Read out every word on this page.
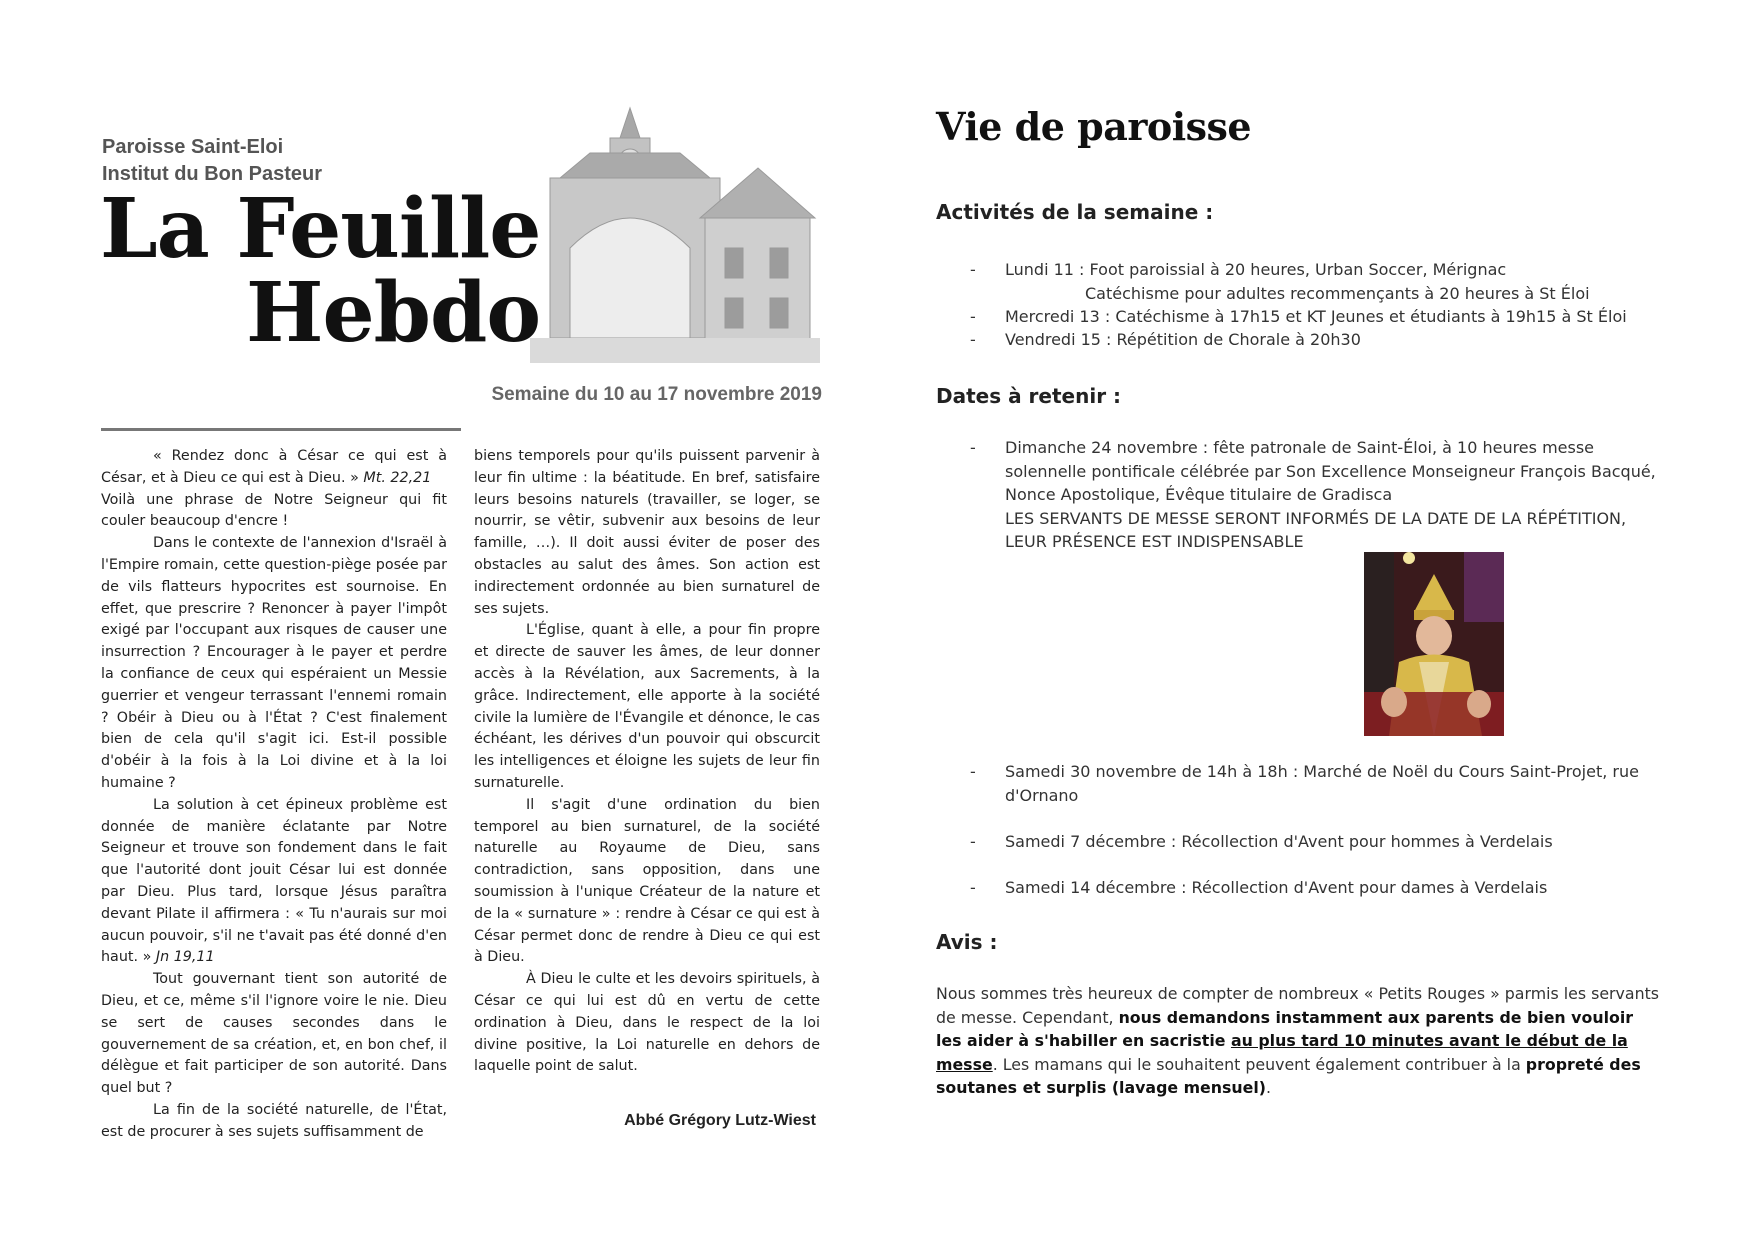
Paroisse Saint-Eloi
Institut du Bon Pasteur
La Feuille
Hebdo
Semaine du 10 au 17 novembre 2019

« Rendez donc à César ce qui est à César, et à Dieu ce qui est à Dieu. » Mt. 22,21

Voilà une phrase de Notre Seigneur qui fit couler beaucoup d'encre !

Dans le contexte de l'annexion d'Israël à l'Empire romain, cette question-piège posée par de vils flatteurs hypocrites est sournoise. En effet, que prescrire ? Renoncer à payer l'impôt exigé par l'occupant aux risques de causer une insurrection ? Encourager à le payer et perdre la confiance de ceux qui espéraient un Messie guerrier et vengeur terrassant l'ennemi romain ? Obéir à Dieu ou à l'État ? C'est finalement bien de cela qu'il s'agit ici. Est-il possible d'obéir à la fois à la Loi divine et à la loi humaine ?

La solution à cet épineux problème est donnée de manière éclatante par Notre Seigneur et trouve son fondement dans le fait que l'autorité dont jouit César lui est donnée par Dieu. Plus tard, lorsque Jésus paraîtra devant Pilate il affirmera : « Tu n'aurais sur moi aucun pouvoir, s'il ne t'avait pas été donné d'en haut. » Jn 19,11

Tout gouvernant tient son autorité de Dieu, et ce, même s'il l'ignore voire le nie. Dieu se sert de causes secondes dans le gouvernement de sa création, et, en bon chef, il délègue et fait participer de son autorité. Dans quel but ?

La fin de la société naturelle, de l'État, est de procurer à ses sujets suffisamment de

biens temporels pour qu'ils puissent parvenir à leur fin ultime : la béatitude. En bref, satisfaire leurs besoins naturels (travailler, se loger, se nourrir, se vêtir, subvenir aux besoins de leur famille, …). Il doit aussi éviter de poser des obstacles au salut des âmes. Son action est indirectement ordonnée au bien surnaturel de ses sujets.

L'Église, quant à elle, a pour fin propre et directe de sauver les âmes, de leur donner accès à la Révélation, aux Sacrements, à la grâce. Indirectement, elle apporte à la société civile la lumière de l'Évangile et dénonce, le cas échéant, les dérives d'un pouvoir qui obscurcit les intelligences et éloigne les sujets de leur fin surnaturelle.

Il s'agit d'une ordination du bien temporel au bien surnaturel, de la société naturelle au Royaume de Dieu, sans contradiction, sans opposition, dans une soumission à l'unique Créateur de la nature et de la « surnature » : rendre à César ce qui est à César permet donc de rendre à Dieu ce qui est à Dieu.

À Dieu le culte et les devoirs spirituels, à César ce qui lui est dû en vertu de cette ordination à Dieu, dans le respect de la loi divine positive, la Loi naturelle en dehors de laquelle point de salut.

Abbé Grégory Lutz-Wiest
Vie de paroisse
Activités de la semaine :
- Lundi 11 : Foot paroissial à 20 heures, Urban Soccer, Mérignac
Catéchisme pour adultes recommençants à 20 heures à St Éloi
- Mercredi 13 : Catéchisme à 17h15 et KT Jeunes et étudiants à 19h15 à St Éloi
- Vendredi 15 : Répétition de Chorale à 20h30
Dates à retenir :
- Dimanche 24 novembre : fête patronale de Saint-Éloi, à 10 heures messe solennelle pontificale célébrée par Son Excellence Monseigneur François Bacqué, Nonce Apostolique, Évêque titulaire de Gradisca
LES SERVANTS DE MESSE SERONT INFORMÉS DE LA DATE DE LA RÉPÉTITION, LEUR PRÉSENCE EST INDISPENSABLE
- Samedi 30 novembre de 14h à 18h : Marché de Noël du Cours Saint-Projet, rue d'Ornano
- Samedi 7 décembre : Récollection d'Avent pour hommes à Verdelais
- Samedi 14 décembre : Récollection d'Avent pour dames à Verdelais
Avis :
Nous sommes très heureux de compter de nombreux « Petits Rouges » parmis les servants de messe. Cependant, nous demandons instamment aux parents de bien vouloir les aider à s'habiller en sacristie au plus tard 10 minutes avant le début de la messe. Les mamans qui le souhaitent peuvent également contribuer à la propreté des soutanes et surplis (lavage mensuel).
